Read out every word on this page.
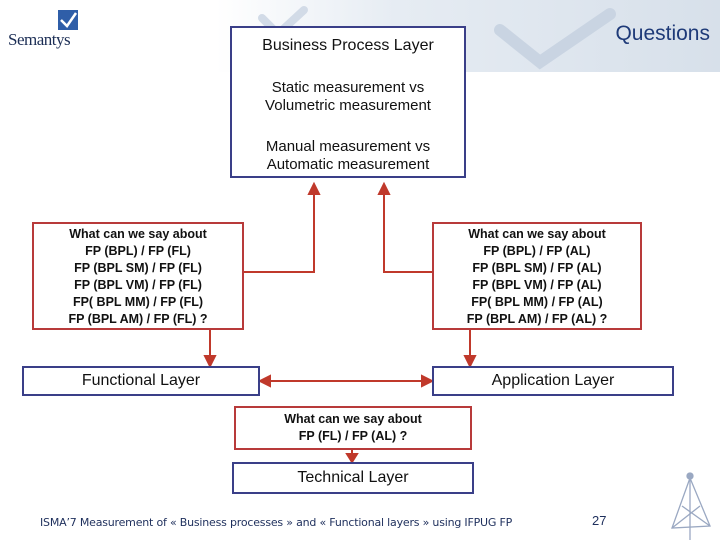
Semantys	Questions
Business Process Layer
Static measurement vs
Volumetric measurement
Manual measurement vs
Automatic measurement
What can we say about
FP (BPL) / FP (FL)
FP (BPL SM) / FP (FL)
FP (BPL VM) / FP (FL)
FP( BPL MM) / FP (FL)
FP (BPL AM) / FP (FL) ?
What can we say about
FP (BPL) / FP (AL)
FP (BPL SM) / FP (AL)
FP (BPL VM) / FP (AL)
FP( BPL MM) / FP (AL)
FP (BPL AM) / FP (AL) ?
Functional Layer	Application Layer
What can we say about
FP (FL) / FP (AL) ?
Technical Layer
ISMA’7 Measurement of « Business processes » and « Functional layers » using IFPUG FP	27
